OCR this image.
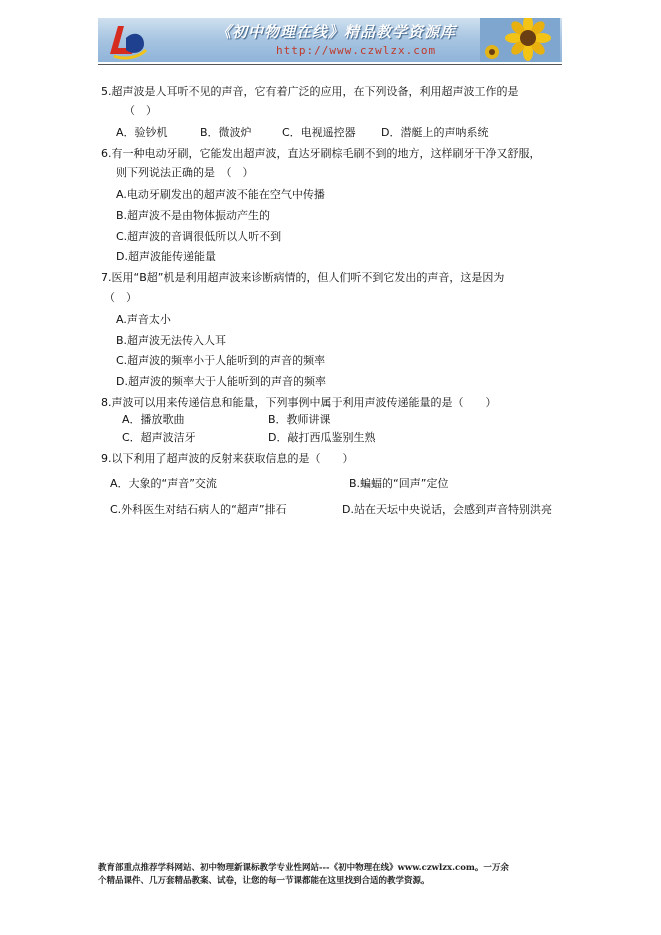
《初中物理在线》精品教学资源库
http://www.czwlzx.com
5.超声波是人耳听不见的声音，它有着广泛的应用，在下列设备，利用超声波工作的是
（　）
A．验钞机	B．微波炉	C．电视遥控器 D．潜艇上的声呐系统
6.有一种电动牙刷，它能发出超声波，直达牙刷棕毛刷不到的地方，这样刷牙干净又舒服，
则下列说法正确的是　（　）
A.电动牙刷发出的超声波不能在空气中传播
B.超声波不是由物体振动产生的
C.超声波的音调很低所以人听不到
D.超声波能传递能量
7.医用“B超”机是利用超声波来诊断病情的，但人们听不到它发出的声音，这是因为
（　）
A.声音太小
B.超声波无法传入人耳
C.超声波的频率小于人能听到的声音的频率
D.超声波的频率大于人能听到的声音的频率
8.声波可以用来传递信息和能量，下列事例中属于利用声波传递能量的是（　　）
A．播放歌曲	B．教师讲课
C．超声波洁牙	D．敲打西瓜鉴别生熟
9.以下利用了超声波的反射来获取信息的是（　　）
A．大象的“声音”交流	B.蝙蝠的“回声”定位
C.外科医生对结石病人的“超声”排石	D.站在天坛中央说话，会感到声音特别洪亮
教育部重点推荐学科网站、初中物理新课标教学专业性网站---《初中物理在线》www.czwlzx.com。一万余
个精品课件、几万套精品教案、试卷，让您的每一节课都能在这里找到合适的教学资源。
